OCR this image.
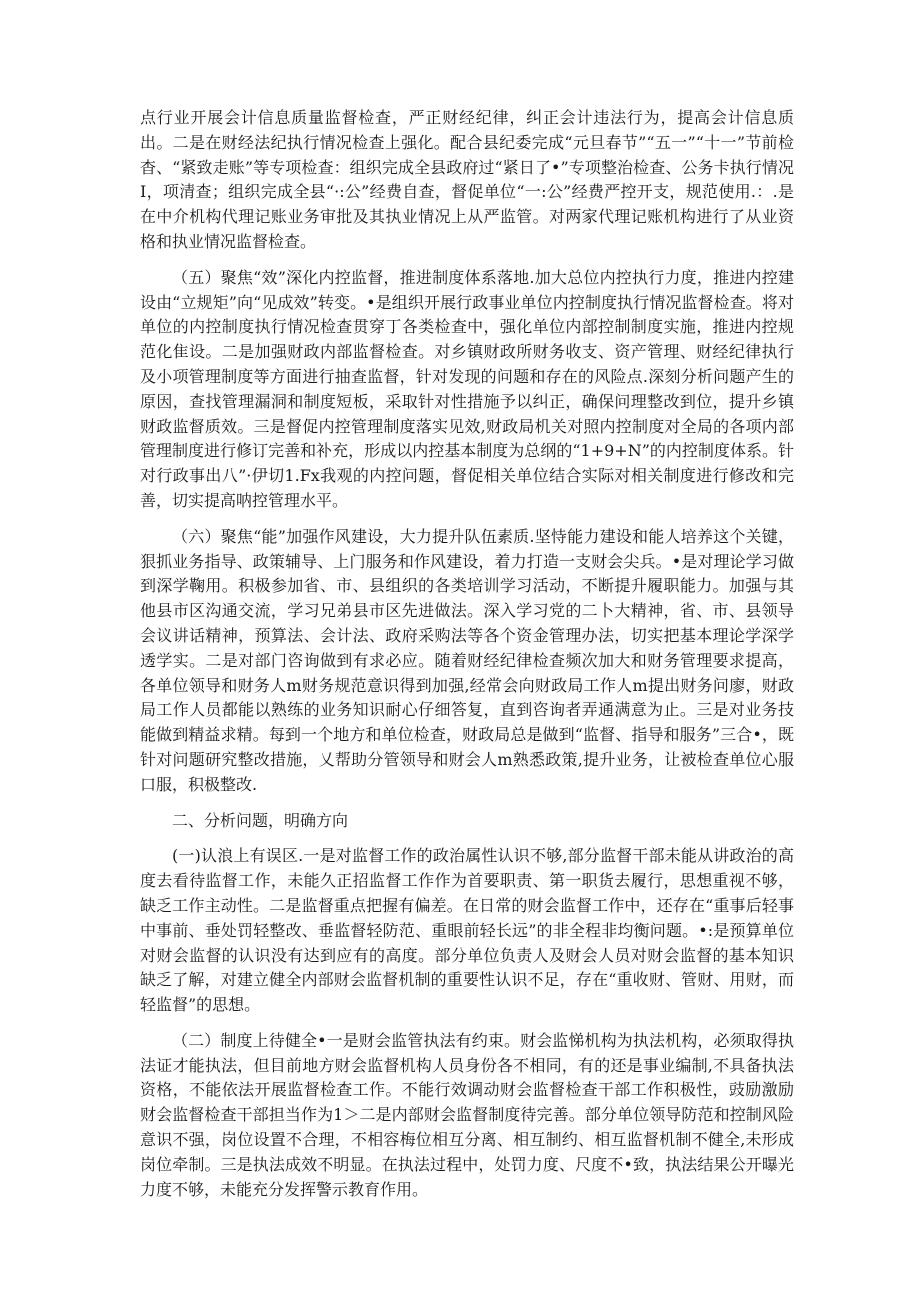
点行业开展会计信息质量监督检查，严正财经纪律，纠正会计违法行为，提高会计信息质出。二是在财经法纪执行情况检查上强化。配合县纪委完成“元旦春节”“五一”“十一”节前检杳、“紧致走账”等专项检查：组织完成全县政府过“紧日了•”专项整治检查、公务卡执行情况I，项清查；组织完成全县“·:公”经费自查，督促单位“一:公”经费严控开支，规范使用.：.是在中介机构代理记账业务审批及其执业情况上从严监管。对两家代理记账机构进行了从业资格和执业情况监督检查。

（五）聚焦“效”深化内控监督，推进制度体系落地.加大总位内控执行力度，推进内控建设由“立规矩”向“见成效”转变。•是组织开展行政事业单位内控制度执行情况监督检查。将对单位的内控制度执行情况检查贯穿丁各类检查中，强化单位内部控制制度实施，推进内控规范化隹设。二是加强财政内部监督检查。对乡镇财政所财务收支、资产管理、财经纪律执行及小项管理制度等方面进行抽查监督，针对发现的问题和存在的风险点.深刻分析问题产生的原因，查找管理漏洞和制度短板，采取针对性措施予以纠正，确保问理整改到位，提升乡镇财政监督质效。三是督促内控管理制度落实见效,财政局机关对照内控制度对全局的各项内部管理制度进行修订完善和补充，形成以内控基本制度为总纲的“1+9+N”的内控制度体系。针对行政事出八”·伊切1.Fx我观的内控问题，督促相关单位结合实际对相关制度进行修改和完善，切实提高呐控管理水平。

（六）聚焦“能”加强作风建设，大力提升队伍素质.坚恃能力建设和能人培养这个关键，狠抓业务指导、政策辅导、上门服务和作风建设，着力打造一支财会尖兵。•是对理论学习做到深学鞠用。积极参加省、市、县组织的各类培训学习活动，不断提升履职能力。加强与其他县市区沟通交流，学习兄弟县市区先进做法。深入学习党的二卜大精神，省、市、县领导会议讲话精神，预算法、会计法、政府采购法等各个资金管理办法，切实把基本理论学深学透学实。二是对部门咨询做到有求必应。随着财经纪律检查频次加大和财务管理要求提高，各单位领导和财务人m财务规范意识得到加强,经常会向财政局工作人m提出财务问廖，财政局工作人员都能以熟练的业务知识耐心仔细答复，直到咨询者弄通满意为止。三是对业务技能做到精益求精。每到一个地方和单位检查，财政局总是做到“监督、指导和服务”三合•，既针对问题研究整改措施，乂帮助分管领导和财会人m熟悉政策,提升业务，让被检查单位心服口服，积极整改.

二、分析问题，明确方向

(一)认浪上有误区.一是对监督工作的政治属性认识不够,部分监督干部未能从讲政治的高度去看待监督工作，未能久正招监督工作作为首要职责、第一职货去履行，思想重视不够，缺乏工作主动性。二是监督重点把握有偏差。在日常的财会监督工作中，还存在“重事后轻事中事前、垂处罚轻整改、垂监督轻防范、重眼前轻长远”的非全程非均衡问题。•:是预算单位对财会监督的认识没有达到应有的高度。部分单位负责人及财会人员对财会监督的基本知识缺乏了解，对建立健全内部财会监督机制的重要性认识不足，存在“重收财、管财、用财，而轻监督”的思想。

（二）制度上待健全•一是财会监管执法有约束。财会监悌机构为执法机构，必须取得执法证才能执法，但目前地方财会监督机构人员身份各不相同，有的还是事业编制,不具备执法资格，不能依法开展监督检查工作。不能行效调动财会监督检查干部工作积极性，豉励激励财会监督检查干部担当作为1＞二是内部财会监督制度待完善。部分单位领导防范和控制风险意识不强，岗位设置不合理，不相容梅位相互分离、相互制约、相互监督机制不健全,未形成岗位牵制。三是执法成效不明显。在执法过程中，处罚力度、尺度不•致，执法结果公开曝光力度不够，未能充分发挥警示教育作用。
